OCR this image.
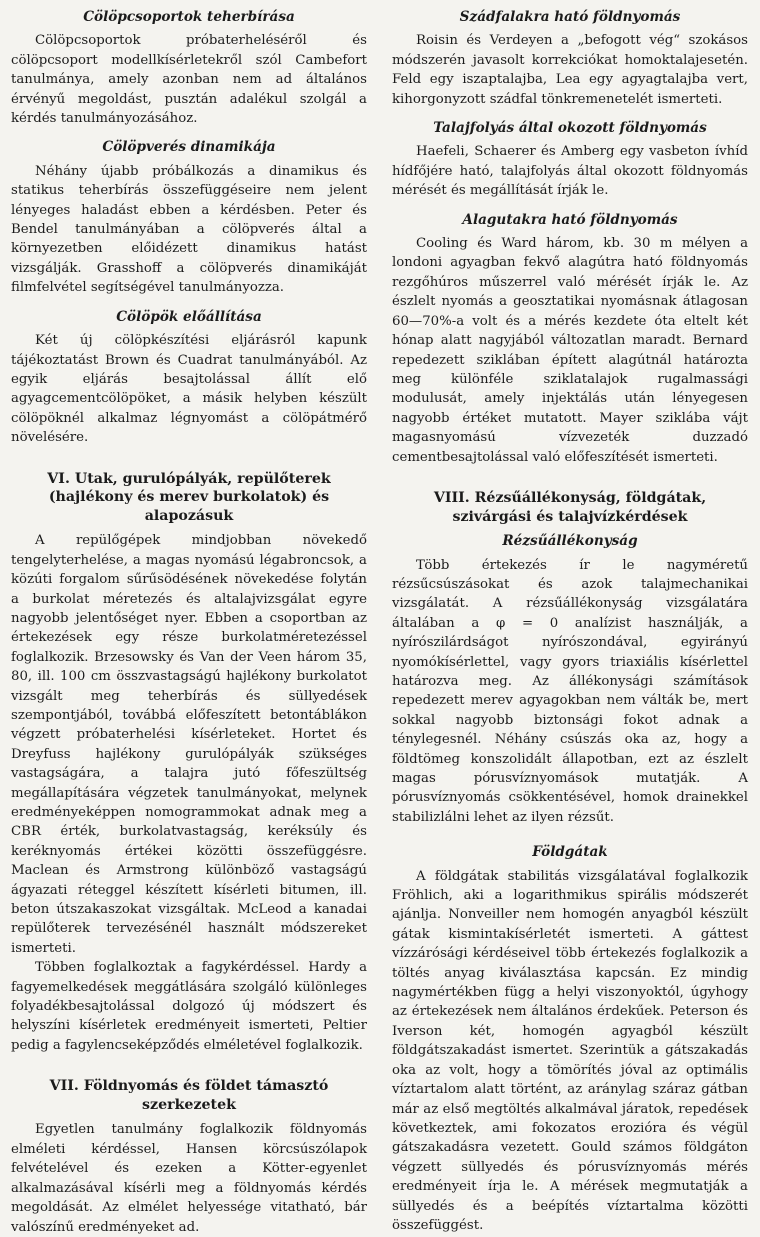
Cölöpcsoportok teherbírása

Cölöpcsoportok próbaterheléséről és cölöpcsoport modellkísérletekről szól Cambefort tanulmánya, amely azonban nem ad általános érvényű megoldást, pusztán adalékul szolgál a kérdés tanulmányozásához.

Cölöpverés dinamikája

Néhány újabb próbálkozás a dinamikus és statikus teherbírás összefüggéseire nem jelent lényeges haladást ebben a kérdésben. Peter és Bendel tanulmányában a cölöpverés által a környezetben előidézett dinamikus hatást vizsgálják. Grasshoff a cölöpverés dinamikáját filmfelvétel segítségével tanulmányozza.

Cölöpök előállítása

Két új cölöpkészítési eljárásról kapunk tájékoztatást Brown és Cuadrat tanulmányából. Az egyik eljárás besajtolással állít elő agyagcementcölöpöket, a másik helyben készült cölöpöknél alkalmaz légnyomást a cölöpátmérő növelésére.

VI. Utak, gurulópályák, repülőterek (hajlékony és merev burkolatok) és alapozásuk

A repülőgépek mindjobban növekedő tengelyterhelése, a magas nyomású légabroncsok, a közúti forgalom sűrűsödésének növekedése folytán a burkolat méretezés és altalajvizsgálat egyre nagyobb jelentőséget nyer. Ebben a csoportban az értekezések egy része burkolatméretezéssel foglalkozik. Brzesowsky és Van der Veen három 35, 80, ill. 100 cm összvastagságú hajlékony burkolatot vizsgált meg teherbírás és süllyedések szempontjából, továbbá előfeszített betontáblákon végzett próbaterhelési kísérleteket. Hortet és Dreyfuss hajlékony gurulópályák szükséges vastagságára, a talajra jutó főfeszültség megállapítására végzetek tanulmányokat, melynek eredményeképpen nomogrammokat adnak meg a CBR érték, burkolatvastagság, keréksúly és keréknyomás értékei közötti összefüggésre. Maclean és Armstrong különböző vastagságú ágyazati réteggel készített kísérleti bitumen, ill. beton útszakaszokat vizsgáltak. McLeod a kanadai repülőterek tervezésénél használt módszereket ismerteti.

Többen foglalkoztak a fagykérdéssel. Hardy a fagyemelkedések meggátlására szolgáló különleges folyadékbesajtolással dolgozó új módszert és helyszíni kísérletek eredményeit ismerteti, Peltier pedig a fagylencseképződés elméletével foglalkozik.

VII. Földnyomás és földet támasztó szerkezetek

Egyetlen tanulmány foglalkozik földnyomás elméleti kérdéssel, Hansen körcsúszólapok felvételével és ezeken a Kötter-egyenlet alkalmazásával kísérli meg a földnyomás kérdés megoldását. Az elmélet helyessége vitatható, bár valószínű eredményeket ad.

Szádfalakra ható földnyomás

Roisin és Verdeyen a „befogott vég“ szokásos módszerén javasolt korrekciókat homoktalajesetén. Feld egy iszaptalajba, Lea egy agyagtalajba vert, kihorgonyzott szádfal tönkremenetelét ismerteti.

Talajfolyás által okozott földnyomás

Haefeli, Schaerer és Amberg egy vasbeton ívhíd hídfőjére ható, talajfolyás által okozott földnyomás mérését és megállítását írják le.

Alagutakra ható földnyomás

Cooling és Ward három, kb. 30 m mélyen a londoni agyagban fekvő alagútra ható földnyomás rezgőhúros műszerrel való mérését írják le. Az észlelt nyomás a geosztatikai nyomásnak átlagosan 60—70%-a volt és a mérés kezdete óta eltelt két hónap alatt nagyjából változatlan maradt. Bernard repedezett sziklában épített alagútnál határozta meg különféle sziklatalajok rugalmassági modulusát, amely injektálás után lényegesen nagyobb értéket mutatott. Mayer sziklába vájt magasnyomású vízvezeték duzzadó cementbesajtolással való előfeszítését ismerteti.

VIII. Rézsűállékonyság, földgátak, szivárgási és talajvízkérdések
Rézsűállékonyság

Több értekezés ír le nagyméretű rézsűcsúszásokat és azok talajmechanikai vizsgálatát. A rézsűállékonyság vizsgálatára általában a φ = 0 analízist használják, a nyírószilárdságot nyírószondával, egyirányú nyomókísérlettel, vagy gyors triaxiális kísérlettel határozva meg. Az állékonysági számítások repedezett merev agyagokban nem válták be, mert sokkal nagyobb biztonsági fokot adnak a ténylegesnél. Néhány csúszás oka az, hogy a földtömeg konszolidált állapotban, ezt az észlelt magas pórusvíznyomások mutatják. A pórusvíznyomás csökkentésével, homok drainekkel stabilizlálni lehet az ilyen rézsűt.

Földgátak

A földgátak stabilitás vizsgálatával foglalkozik Fröhlich, aki a logarithmikus spirális módszerét ajánlja. Nonveiller nem homogén anyagból készült gátak kismintakísérletét ismerteti. A gáttest vízzárósági kérdéseivel több értekezés foglalkozik a töltés anyag kiválasztása kapcsán. Ez mindig nagymértékben függ a helyi viszonyoktól, úgyhogy az értekezések nem általános érdekűek. Peterson és Iverson két, homogén agyagból készült földgátszakadást ismertet. Szerintük a gátszakadás oka az volt, hogy a tömörítés jóval az optimális víztartalom alatt történt, az aránylag száraz gátban már az első megtöltés alkalmával járatok, repedések következtek, ami fokozatos erozióra és végül gátszakadásra vezetett. Gould számos földgáton végzett süllyedés és pórusvíznyomás mérés eredményeit írja le. A mérések megmutatják a süllyedés és a beépítés víztartalma közötti összefüggést.
